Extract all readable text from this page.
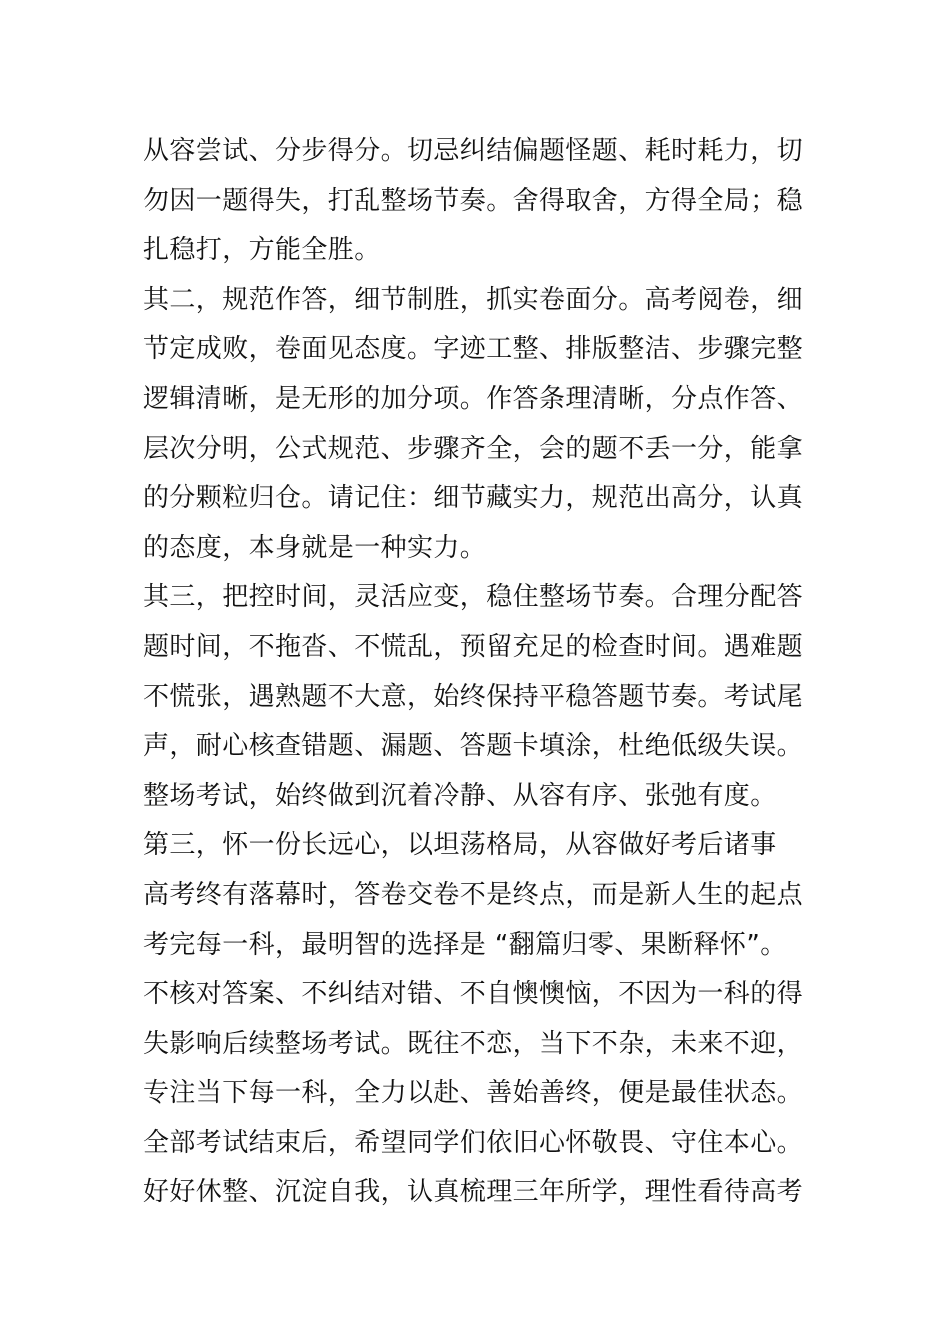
从容尝试、分步得分。切忌纠结偏题怪题、耗时耗力，切
勿因一题得失，打乱整场节奏。舍得取舍，方得全局；稳
扎稳打，方能全胜。
其二，规范作答，细节制胜，抓实卷面分。高考阅卷，细
节定成败，卷面见态度。字迹工整、排版整洁、步骤完整
逻辑清晰，是无形的加分项。作答条理清晰，分点作答、
层次分明，公式规范、步骤齐全，会的题不丢一分，能拿
的分颗粒归仓。请记住：细节藏实力，规范出高分，认真
的态度，本身就是一种实力。
其三，把控时间，灵活应变，稳住整场节奏。合理分配答
题时间，不拖沓、不慌乱，预留充足的检查时间。遇难题
不慌张，遇熟题不大意，始终保持平稳答题节奏。考试尾
声，耐心核查错题、漏题、答题卡填涂，杜绝低级失误。
整场考试，始终做到沉着冷静、从容有序、张弛有度。
第三，怀一份长远心，以坦荡格局，从容做好考后诸事
高考终有落幕时，答卷交卷不是终点，而是新人生的起点
考完每一科，最明智的选择是 “翻篇归零、果断释怀”。
不核对答案、不纠结对错、不自懊懊恼，不因为一科的得
失影响后续整场考试。既往不恋，当下不杂，未来不迎，
专注当下每一科，全力以赴、善始善终，便是最佳状态。
全部考试结束后，希望同学们依旧心怀敬畏、守住本心。
好好休整、沉淀自我，认真梳理三年所学，理性看待高考
